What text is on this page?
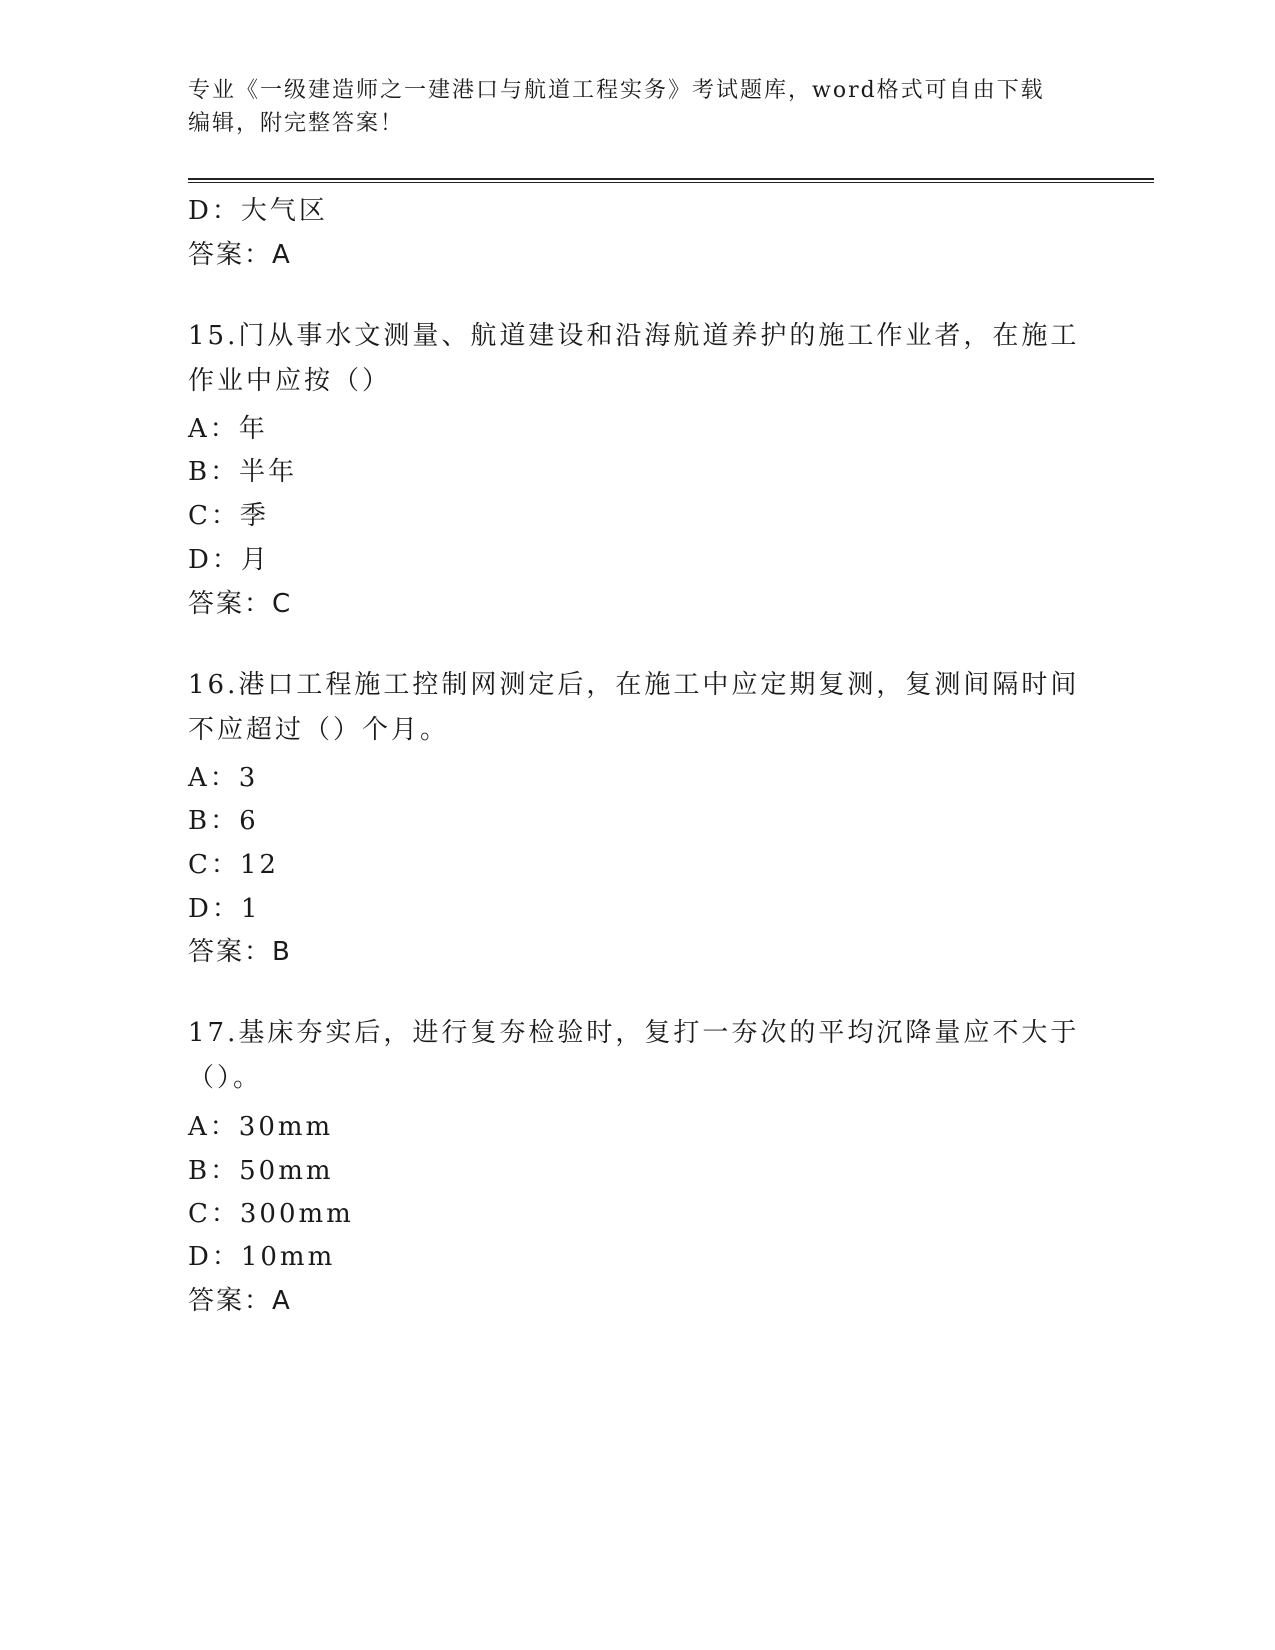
专业《一级建造师之一建港口与航道工程实务》考试题库，word格式可自由下载编辑，附完整答案！
D：大气区
答案：A
15.门从事水文测量、航道建设和沿海航道养护的施工作业者，在施工作业中应按（）
A：年
B：半年
C：季
D：月
答案：C
16.港口工程施工控制网测定后，在施工中应定期复测，复测间隔时间不应超过（）个月。
A：3
B：6
C：12
D：1
答案：B
17.基床夯实后，进行复夯检验时，复打一夯次的平均沉降量应不大于（）。
A：30mm
B：50mm
C：300mm
D：10mm
答案：A
